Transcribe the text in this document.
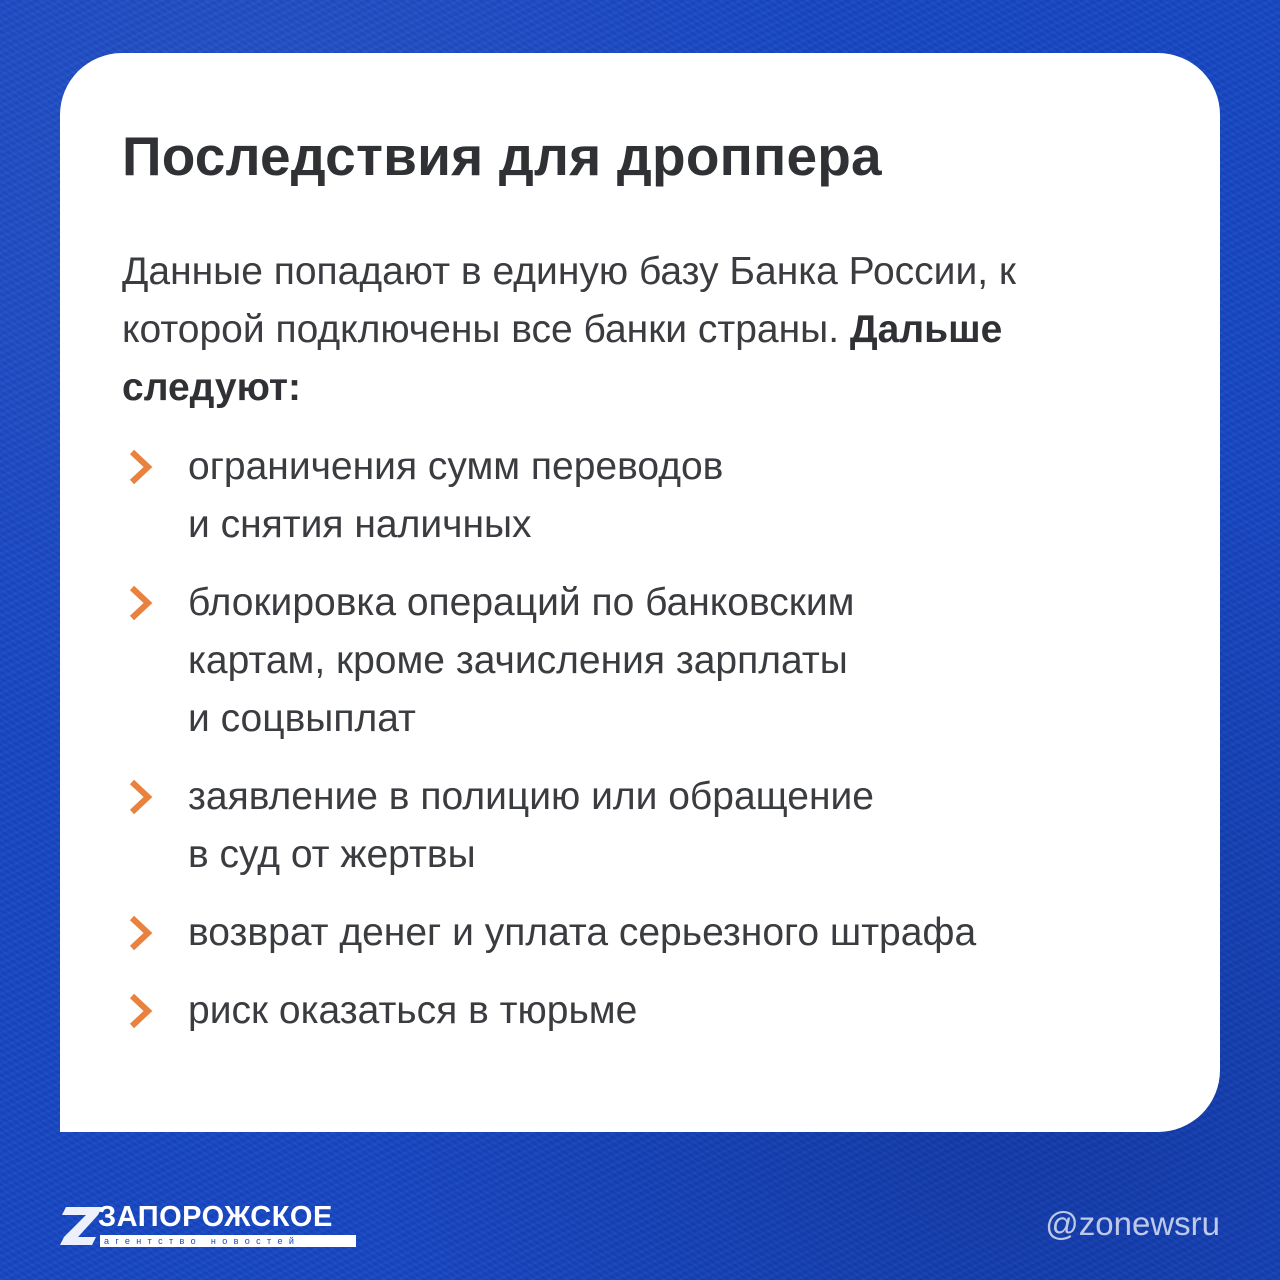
Последствия для дроппера

Данные попадают в единую базу Банка России, к которой подключены все банки страны. Дальше следуют:

ограничения сумм переводов
и снятия наличных
блокировка операций по банковским
картам, кроме зачисления зарплаты
и соцвыплат
заявление в полицию или обращение
в суд от жертвы
возврат денег и уплата серьезного штрафа
риск оказаться в тюрьме
ЗАПОРОЖСКОЕ
агентство новостей	@zonewsru
